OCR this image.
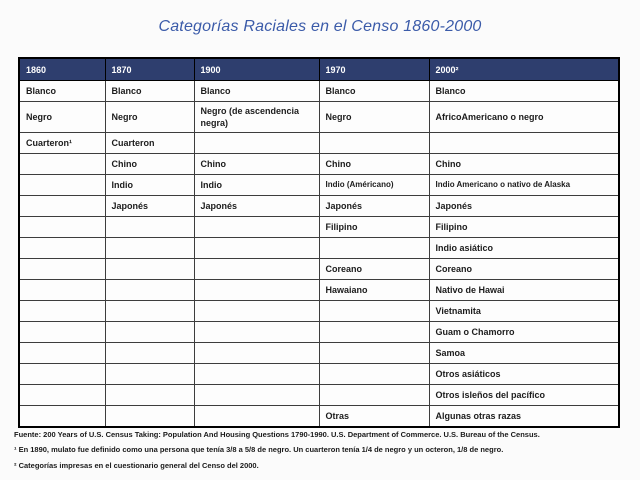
Categorías Raciales en el Censo 1860-2000
1860	1870	1900	1970	2000²
Blanco	Blanco	Blanco	Blanco	Blanco
Negro	Negro	Negro (de ascendencia negra)	Negro	AfricoAmericano o negro
Cuarteron¹	Cuarteron			
	Chino	Chino	Chino	Chino
	Indio	Indio	Indio (Américano)	Indio Americano o nativo de Alaska
	Japonés	Japonés	Japonés	Japonés
			Filipino	Filipino
				Indio asiático
			Coreano	Coreano
			Hawaiano	Nativo de Hawai
				Vietnamita
				Guam o Chamorro
				Samoa
				Otros asiáticos
				Otros isleños del pacífico
			Otras	Algunas otras razas

Fuente: 200 Years of U.S. Census Taking: Population And Housing Questions 1790-1990. U.S. Department of Commerce. U.S. Bureau of the Census.

¹ En 1890, mulato fue definido como una persona que tenía 3/8 a 5/8 de negro. Un cuarteron tenía 1/4 de negro y un octeron, 1/8 de negro.

² Categorías impresas en el cuestionario general del Censo del 2000.
